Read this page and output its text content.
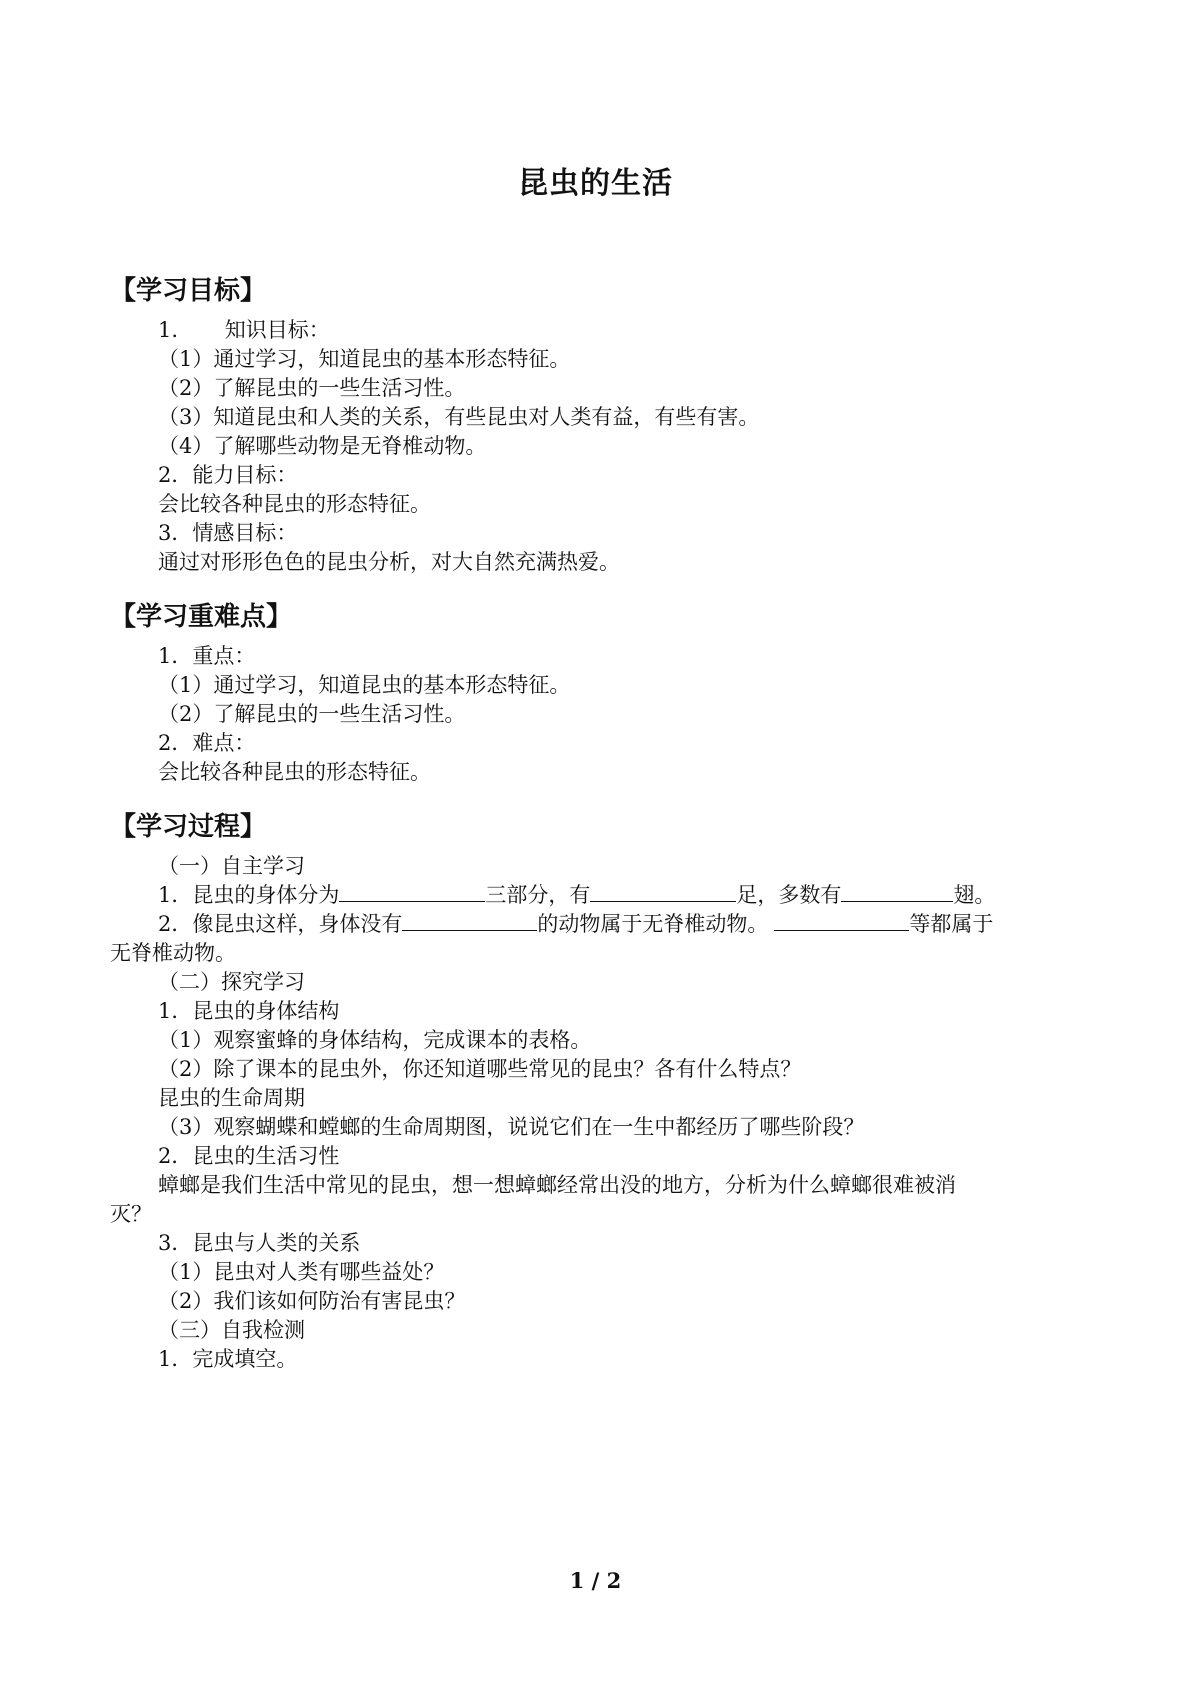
昆虫的生活
【学习目标】
1.       知识目标：
（1）通过学习，知道昆虫的基本形态特征。
（2）了解昆虫的一些生活习性。
（3）知道昆虫和人类的关系，有些昆虫对人类有益，有些有害。
（4）了解哪些动物是无脊椎动物。
2．能力目标：
会比较各种昆虫的形态特征。
3．情感目标：
通过对形形色色的昆虫分析，对大自然充满热爱。
【学习重难点】
1．重点：
（1）通过学习，知道昆虫的基本形态特征。
（2）了解昆虫的一些生活习性。
2．难点：
会比较各种昆虫的形态特征。
【学习过程】
（一）自主学习
1．昆虫的身体分为	三部分，有	足，多数有	翅。
2．像昆虫这样，身体没有	的动物属于无脊椎动物。	等都属于
无脊椎动物。
（二）探究学习
1．昆虫的身体结构
（1）观察蜜蜂的身体结构，完成课本的表格。
（2）除了课本的昆虫外，你还知道哪些常见的昆虫？各有什么特点？
昆虫的生命周期
（3）观察蝴蝶和螳螂的生命周期图，说说它们在一生中都经历了哪些阶段？
2．昆虫的生活习性
蟑螂是我们生活中常见的昆虫，想一想蟑螂经常出没的地方，分析为什么蟑螂很难被消
灭？
3．昆虫与人类的关系
（1）昆虫对人类有哪些益处？
（2）我们该如何防治有害昆虫？
（三）自我检测
1．完成填空。
1 / 2
